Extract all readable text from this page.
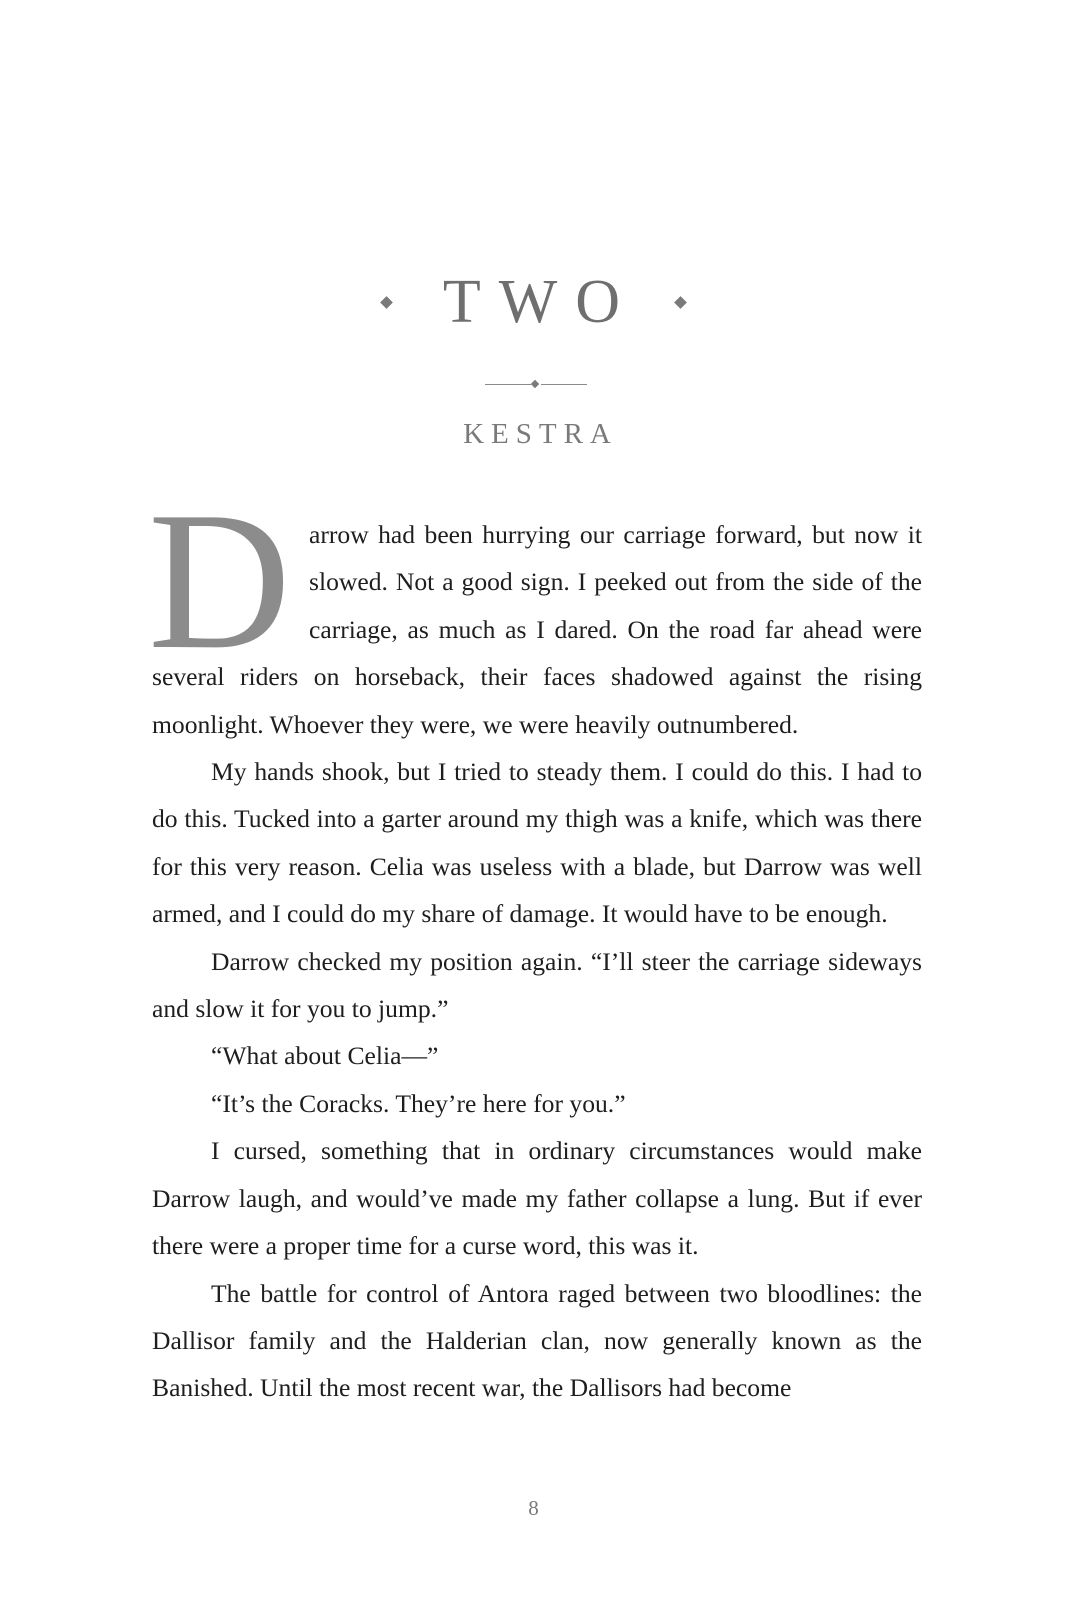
TWO
KESTRA

Darrow had been hurrying our carriage forward, but now it slowed. Not a good sign. I peeked out from the side of the carriage, as much as I dared. On the road far ahead were several riders on horseback, their faces shadowed against the rising moonlight. Whoever they were, we were heavily outnumbered.

My hands shook, but I tried to steady them. I could do this. I had to do this. Tucked into a garter around my thigh was a knife, which was there for this very reason. Celia was useless with a blade, but Darrow was well armed, and I could do my share of damage. It would have to be enough.

Darrow checked my position again. “I’ll steer the carriage sideways and slow it for you to jump.”

“What about Celia—”

“It’s the Coracks. They’re here for you.”

I cursed, something that in ordinary circumstances would make Darrow laugh, and would’ve made my father collapse a lung. But if ever there were a proper time for a curse word, this was it.

The battle for control of Antora raged between two bloodlines: the Dallisor family and the Halderian clan, now generally known as the Banished. Until the most recent war, the Dallisors had become

8
